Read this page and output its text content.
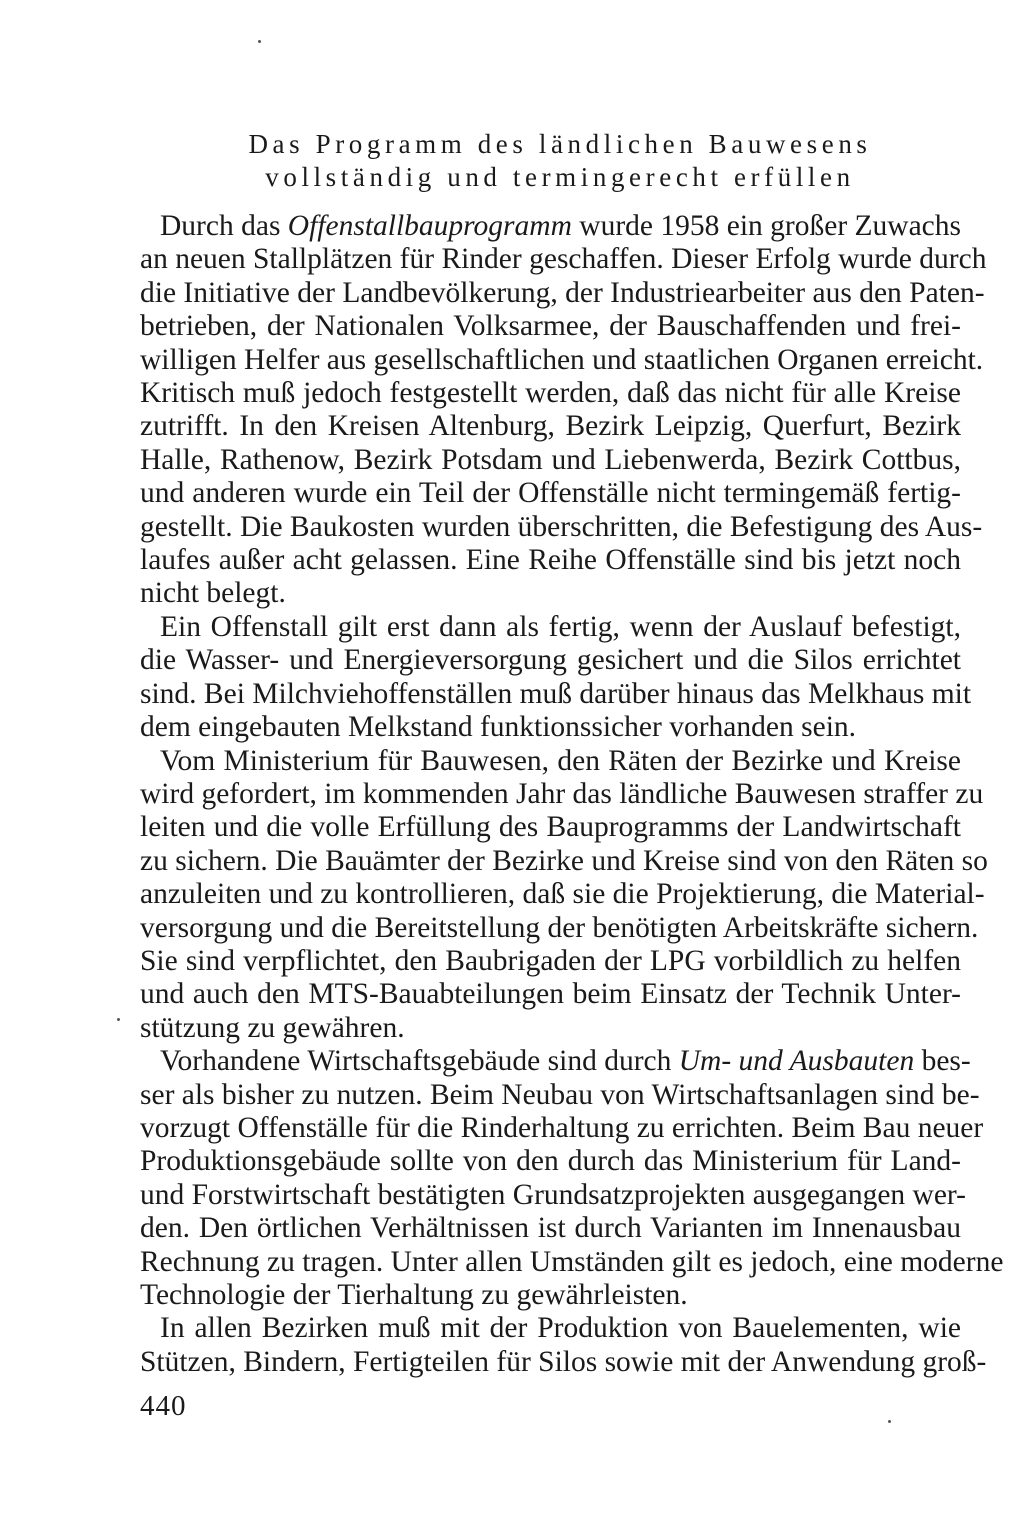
Das Programm des ländlichen Bauwesens
vollständig und termingerecht erfüllen

Durch das Offenstallbauprogramm wurde 1958 ein großer Zuwachs
an neuen Stallplätzen für Rinder geschaffen. Dieser Erfolg wurde durch
die Initiative der Landbevölkerung, der Industriearbeiter aus den Paten-
betrieben, der Nationalen Volksarmee, der Bauschaffenden und frei-
willigen Helfer aus gesellschaftlichen und staatlichen Organen erreicht.
Kritisch muß jedoch festgestellt werden, daß das nicht für alle Kreise
zutrifft. In den Kreisen Altenburg, Bezirk Leipzig, Querfurt, Bezirk
Halle, Rathenow, Bezirk Potsdam und Liebenwerda, Bezirk Cottbus,
und anderen wurde ein Teil der Offenställe nicht termingemäß fertig-
gestellt. Die Baukosten wurden überschritten, die Befestigung des Aus-
laufes außer acht gelassen. Eine Reihe Offenställe sind bis jetzt noch
nicht belegt.

Ein Offenstall gilt erst dann als fertig, wenn der Auslauf befestigt,
die Wasser- und Energieversorgung gesichert und die Silos errichtet
sind. Bei Milchviehoffenställen muß darüber hinaus das Melkhaus mit
dem eingebauten Melkstand funktionssicher vorhanden sein.

Vom Ministerium für Bauwesen, den Räten der Bezirke und Kreise
wird gefordert, im kommenden Jahr das ländliche Bauwesen straffer zu
leiten und die volle Erfüllung des Bauprogramms der Landwirtschaft
zu sichern. Die Bauämter der Bezirke und Kreise sind von den Räten so
anzuleiten und zu kontrollieren, daß sie die Projektierung, die Material-
versorgung und die Bereitstellung der benötigten Arbeitskräfte sichern.
Sie sind verpflichtet, den Baubrigaden der LPG vorbildlich zu helfen
und auch den MTS-Bauabteilungen beim Einsatz der Technik Unter-
stützung zu gewähren.

Vorhandene Wirtschaftsgebäude sind durch Um- und Ausbauten bes-
ser als bisher zu nutzen. Beim Neubau von Wirtschaftsanlagen sind be-
vorzugt Offenställe für die Rinderhaltung zu errichten. Beim Bau neuer
Produktionsgebäude sollte von den durch das Ministerium für Land-
und Forstwirtschaft bestätigten Grundsatzprojekten ausgegangen wer-
den. Den örtlichen Verhältnissen ist durch Varianten im Innenausbau
Rechnung zu tragen. Unter allen Umständen gilt es jedoch, eine moderne
Technologie der Tierhaltung zu gewährleisten.

In allen Bezirken muß mit der Produktion von Bauelementen, wie
Stützen, Bindern, Fertigteilen für Silos sowie mit der Anwendung groß-

440
